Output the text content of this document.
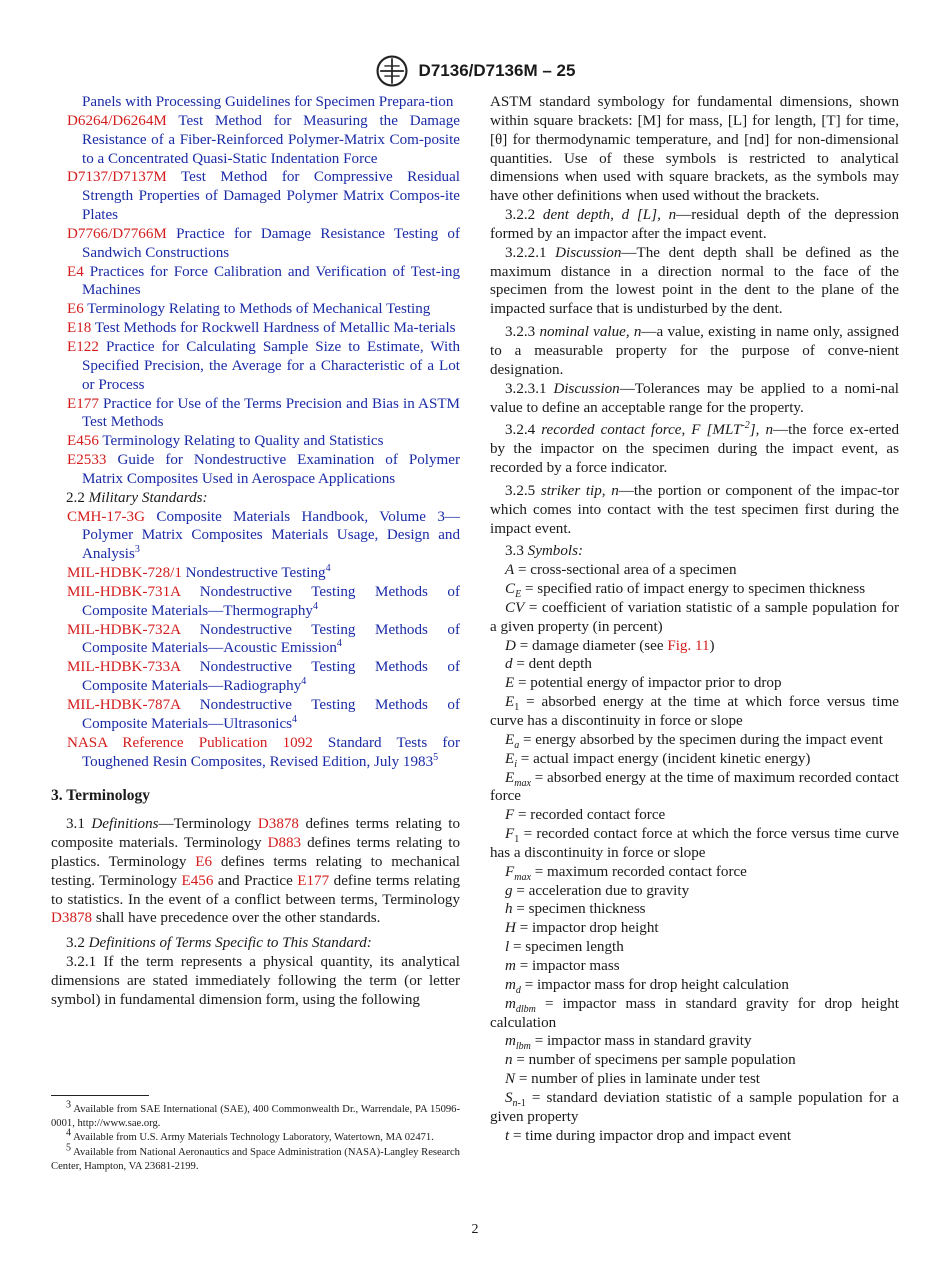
D7136/D7136M – 25

Panels with Processing Guidelines for Specimen Prepara-tion

D6264/D6264M Test Method for Measuring the Damage Resistance of a Fiber-Reinforced Polymer-Matrix Com-posite to a Concentrated Quasi-Static Indentation Force

D7137/D7137M Test Method for Compressive Residual Strength Properties of Damaged Polymer Matrix Compos-ite Plates

D7766/D7766M Practice for Damage Resistance Testing of Sandwich Constructions

E4 Practices for Force Calibration and Verification of Test-ing Machines

E6 Terminology Relating to Methods of Mechanical Testing

E18 Test Methods for Rockwell Hardness of Metallic Ma-terials

E122 Practice for Calculating Sample Size to Estimate, With Specified Precision, the Average for a Characteristic of a Lot or Process

E177 Practice for Use of the Terms Precision and Bias in ASTM Test Methods

E456 Terminology Relating to Quality and Statistics

E2533 Guide for Nondestructive Examination of Polymer Matrix Composites Used in Aerospace Applications

2.2 Military Standards:

CMH-17-3G Composite Materials Handbook, Volume 3—Polymer Matrix Composites Materials Usage, Design and Analysis$^3$

MIL-HDBK-728/1 Nondestructive Testing$^4$

MIL-HDBK-731A Nondestructive Testing Methods of Composite Materials—Thermography$^4$

MIL-HDBK-732A Nondestructive Testing Methods of Composite Materials—Acoustic Emission$^4$

MIL-HDBK-733A Nondestructive Testing Methods of Composite Materials—Radiography$^4$

MIL-HDBK-787A Nondestructive Testing Methods of Composite Materials—Ultrasonics$^4$

NASA Reference Publication 1092 Standard Tests for Toughened Resin Composites, Revised Edition, July 1983$^5$

3. Terminology

3.1 Definitions—Terminology D3878 defines terms relating to composite materials. Terminology D883 defines terms relating to plastics. Terminology E6 defines terms relating to mechanical testing. Terminology E456 and Practice E177 define terms relating to statistics. In the event of a conflict between terms, Terminology D3878 shall have precedence over the other standards.

3.2 Definitions of Terms Specific to This Standard:

3.2.1 If the term represents a physical quantity, its analytical dimensions are stated immediately following the term (or letter symbol) in fundamental dimension form, using the following

$^3$ Available from SAE International (SAE), 400 Commonwealth Dr., Warrendale, PA 15096-0001, http://www.sae.org.

$^4$ Available from U.S. Army Materials Technology Laboratory, Watertown, MA 02471.

$^5$ Available from National Aeronautics and Space Administration (NASA)-Langley Research Center, Hampton, VA 23681-2199.

ASTM standard symbology for fundamental dimensions, shown within square brackets: [M] for mass, [L] for length, [T] for time, [θ] for thermodynamic temperature, and [nd] for non-dimensional quantities. Use of these symbols is restricted to analytical dimensions when used with square brackets, as the symbols may have other definitions when used without the brackets.

3.2.2 dent depth, d [L], n—residual depth of the depression formed by an impactor after the impact event.

3.2.2.1 Discussion—The dent depth shall be defined as the maximum distance in a direction normal to the face of the specimen from the lowest point in the dent to the plane of the impacted surface that is undisturbed by the dent.

3.2.3 nominal value, n—a value, existing in name only, assigned to a measurable property for the purpose of conve-nient designation.

3.2.3.1 Discussion—Tolerances may be applied to a nomi-nal value to define an acceptable range for the property.

3.2.4 recorded contact force, F $[MLT^{-2}]$, n—the force ex-erted by the impactor on the specimen during the impact event, as recorded by a force indicator.

3.2.5 striker tip, n—the portion or component of the impac-tor which comes into contact with the test specimen first during the impact event.

3.3 Symbols:

A = cross-sectional area of a specimen

$C_E$ = specified ratio of impact energy to specimen thickness

CV = coefficient of variation statistic of a sample population for a given property (in percent)

D = damage diameter (see Fig. 11)

d = dent depth

E = potential energy of impactor prior to drop

$E_1$ = absorbed energy at the time at which force versus time curve has a discontinuity in force or slope

$E_a$ = energy absorbed by the specimen during the impact event

$E_i$ = actual impact energy (incident kinetic energy)

$E_{max}$ = absorbed energy at the time of maximum recorded contact force

F = recorded contact force

$F_1$ = recorded contact force at which the force versus time curve has a discontinuity in force or slope

$F_{max}$ = maximum recorded contact force

g = acceleration due to gravity

h = specimen thickness

H = impactor drop height

l = specimen length

m = impactor mass

$m_d$ = impactor mass for drop height calculation

$m_{dlbm}$ = impactor mass in standard gravity for drop height calculation

$m_{lbm}$ = impactor mass in standard gravity

n = number of specimens per sample population

N = number of plies in laminate under test

$S_{n-1}$ = standard deviation statistic of a sample population for a given property

t = time during impactor drop and impact event

2
